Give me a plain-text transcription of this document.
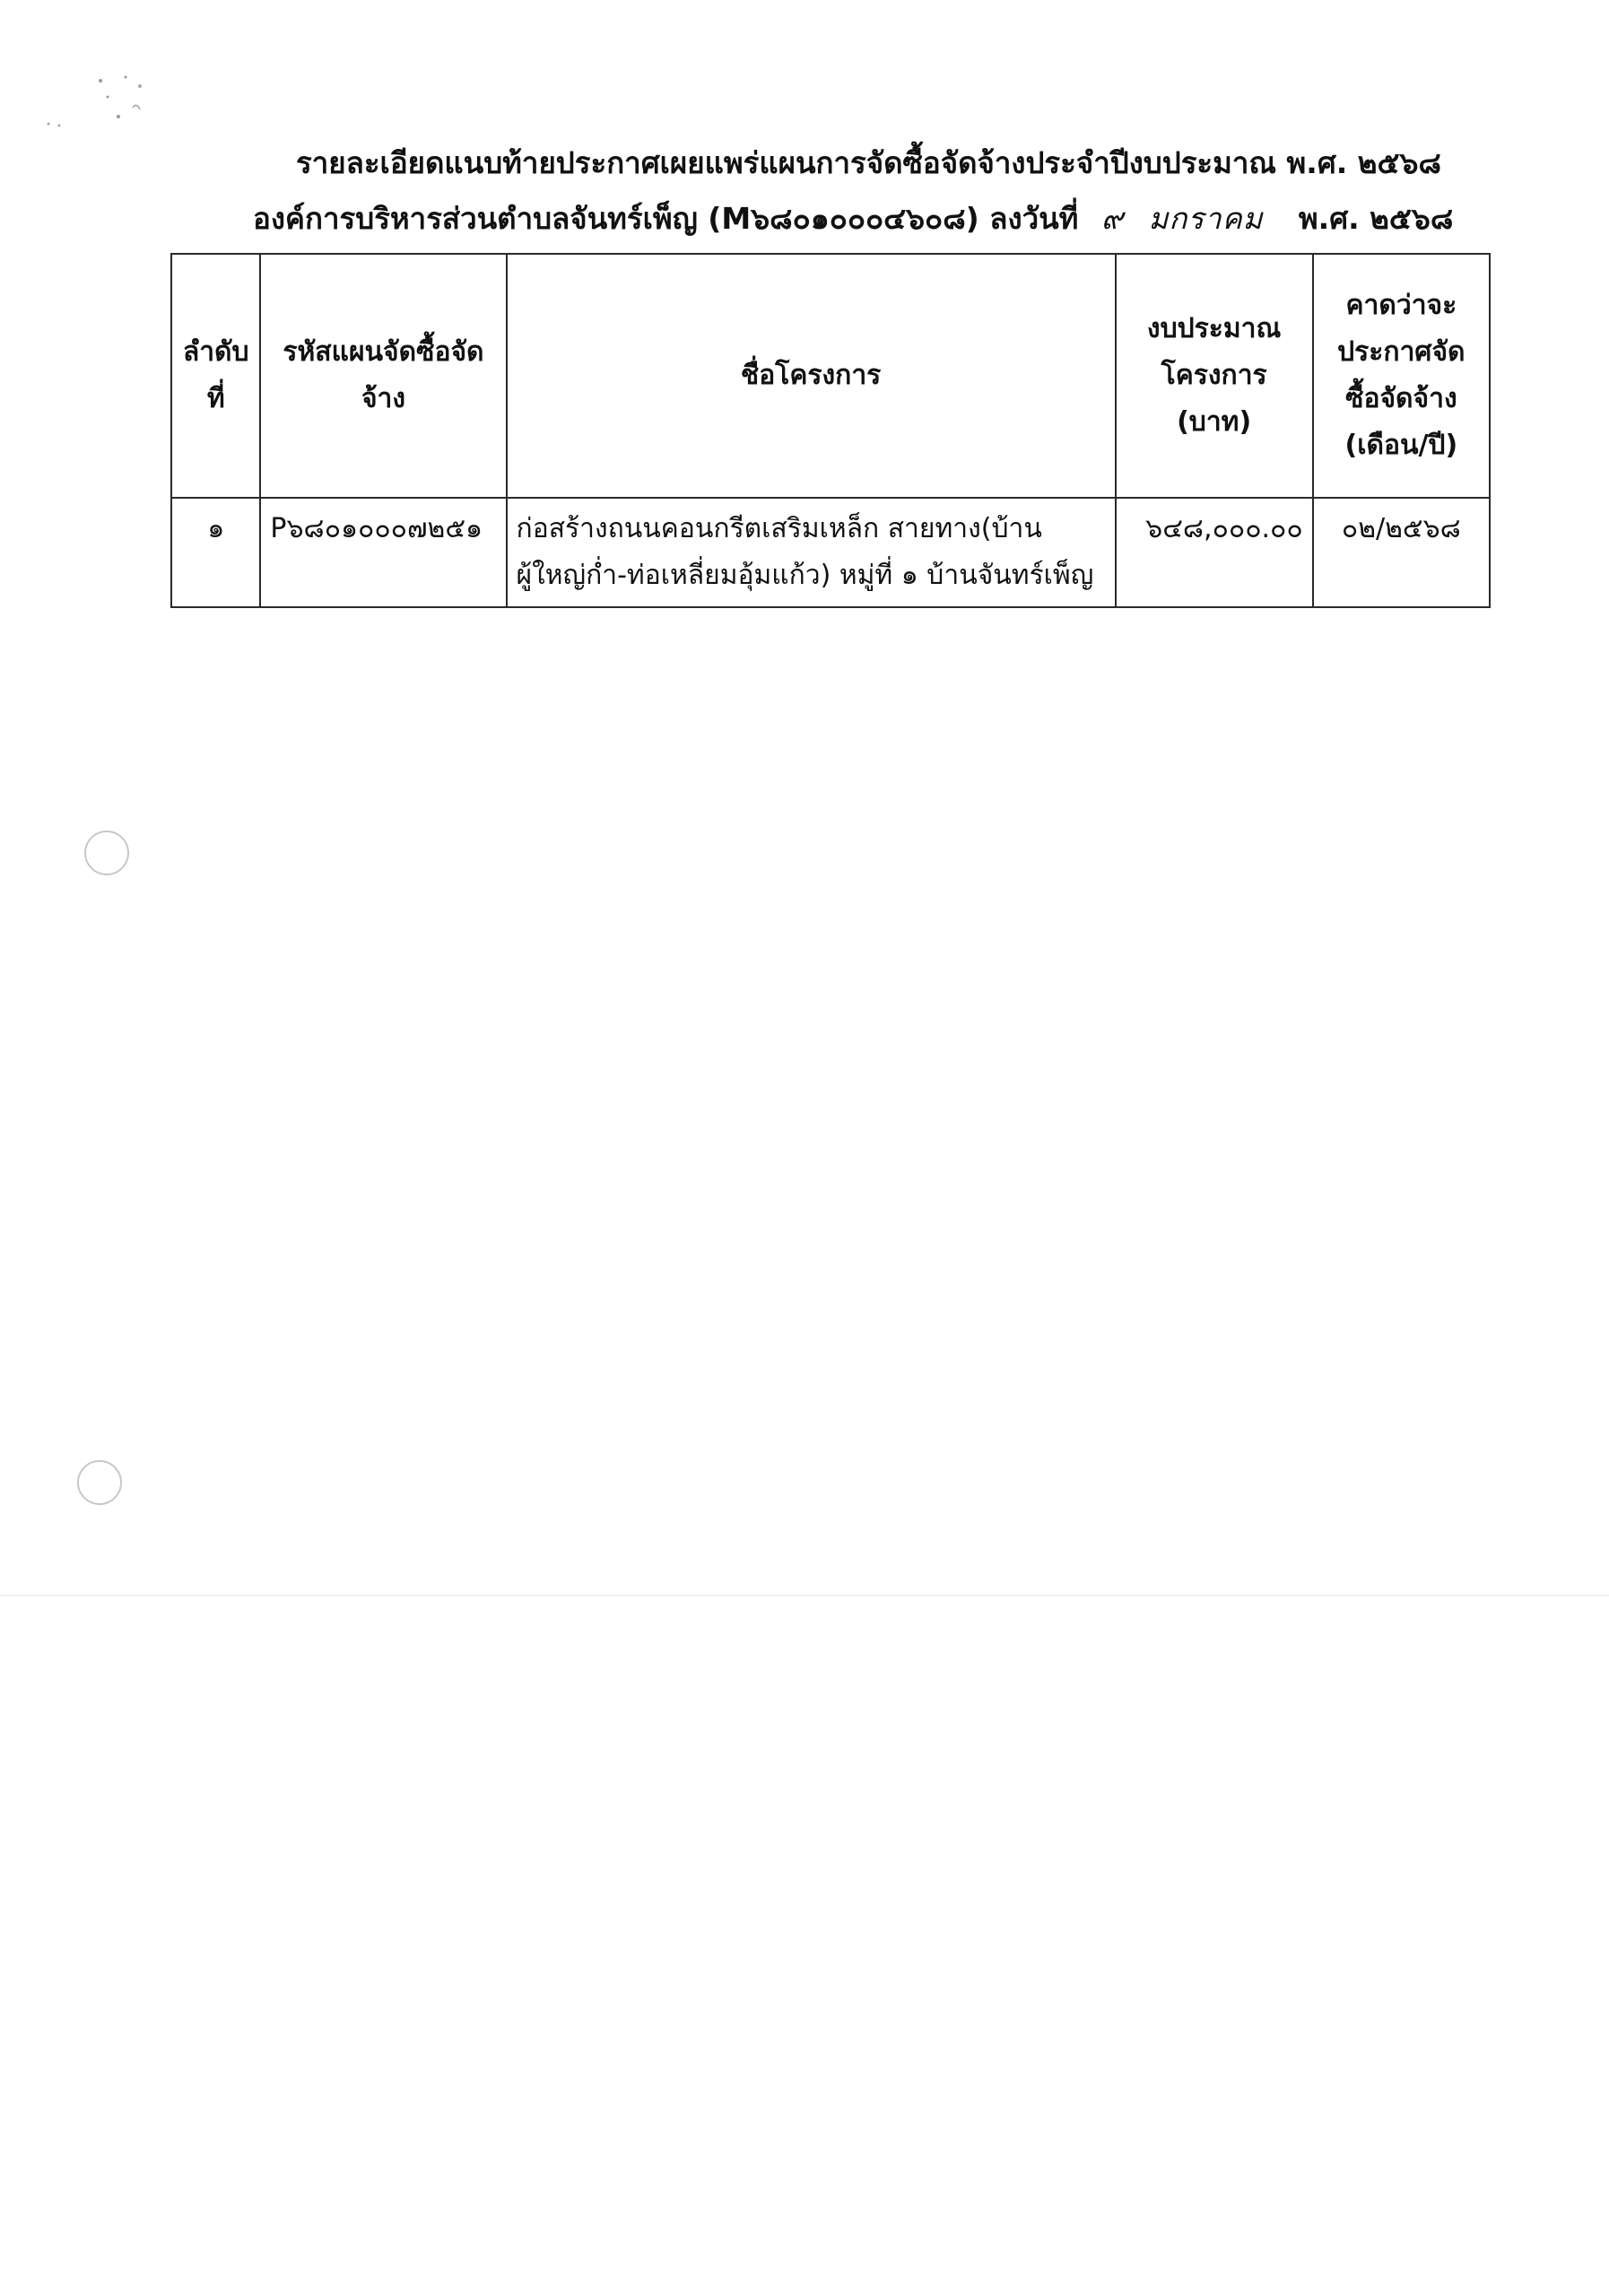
รายละเอียดแนบท้ายประกาศเผยแพร่แผนการจัดซื้อจัดจ้างประจำปีงบประมาณ พ.ศ. ๒๕๖๘
องค์การบริหารส่วนตำบลจันทร์เพ็ญ (M๖๘๐๑๐๐๐๔๖๐๘) ลงวันที่ ๙ มกราคม พ.ศ. ๒๕๖๘
ลำดับที่	รหัสแผนจัดซื้อจัดจ้าง	ชื่อโครงการ	งบประมาณโครงการ (บาท)	คาดว่าจะประกาศจัดซื้อจัดจ้าง (เดือน/ปี)
๑	P๖๘๐๑๐๐๐๗๒๕๑	ก่อสร้างถนนคอนกรีตเสริมเหล็ก สายทาง(บ้านผู้ใหญ่ก่ำ-ท่อเหลี่ยมอุ้มแก้ว) หมู่ที่ ๑ บ้านจันทร์เพ็ญ	๖๔๘,๐๐๐.๐๐	๐๒/๒๕๖๘
